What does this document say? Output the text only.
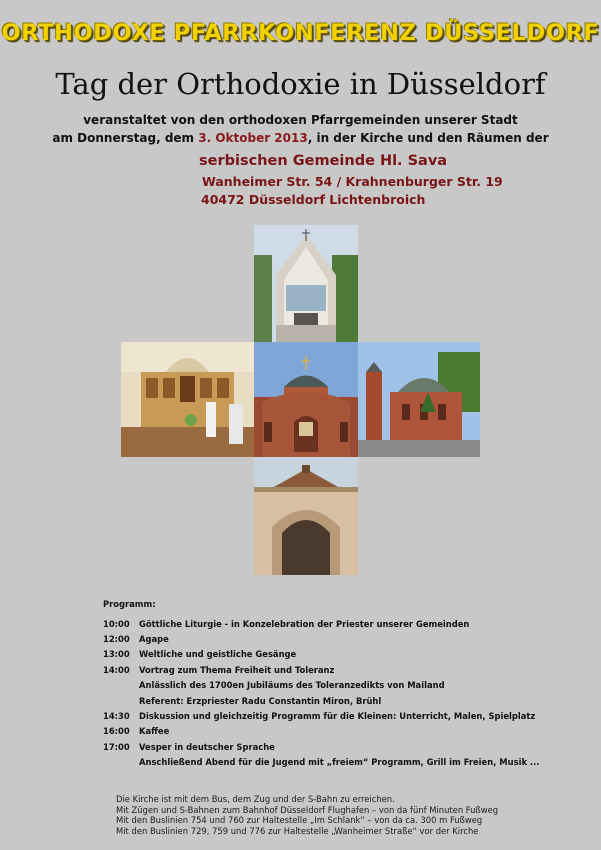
ORTHODOXE PFARRKONFERENZ DÜSSELDORF
Tag der Orthodoxie in Düsseldorf
veranstaltet von den orthodoxen Pfarrgemeinden unserer Stadt
am Donnerstag, dem 3. Oktober 2013, in der Kirche und den Räumen der
serbischen Gemeinde Hl. Sava
Wanheimer Str. 54 / Krahnenburger Str. 19
40472 Düsseldorf Lichtenbroich
Programm:
10:00 Göttliche Liturgie - in Konzelebration der Priester unserer Gemeinden
12:00 Agape
13:00 Weltliche und geistliche Gesänge
14:00 Vortrag zum Thema Freiheit und Toleranz
Anlässlich des 1700en Jubiläums des Toleranzedikts von Mailand
Referent: Erzpriester Radu Constantin Miron, Brühl
14:30 Diskussion und gleichzeitig Programm für die Kleinen: Unterricht, Malen, Spielplatz
16:00 Kaffee
17:00 Vesper in deutscher Sprache
Anschließend Abend für die Jugend mit „freiem“ Programm, Grill im Freien, Musik ...
Die Kirche ist mit dem Bus, dem Zug und der S-Bahn zu erreichen.
Mit Zügen und S-Bahnen zum Bahnhof Düsseldorf Flughafen – von da fünf Minuten Fußweg
Mit den Buslinien 754 und 760 zur Haltestelle „Im Schlank“ – von da ca. 300 m Fußweg
Mit den Buslinien 729, 759 und 776 zur Haltestelle „Wanheimer Straße“ vor der Kirche
